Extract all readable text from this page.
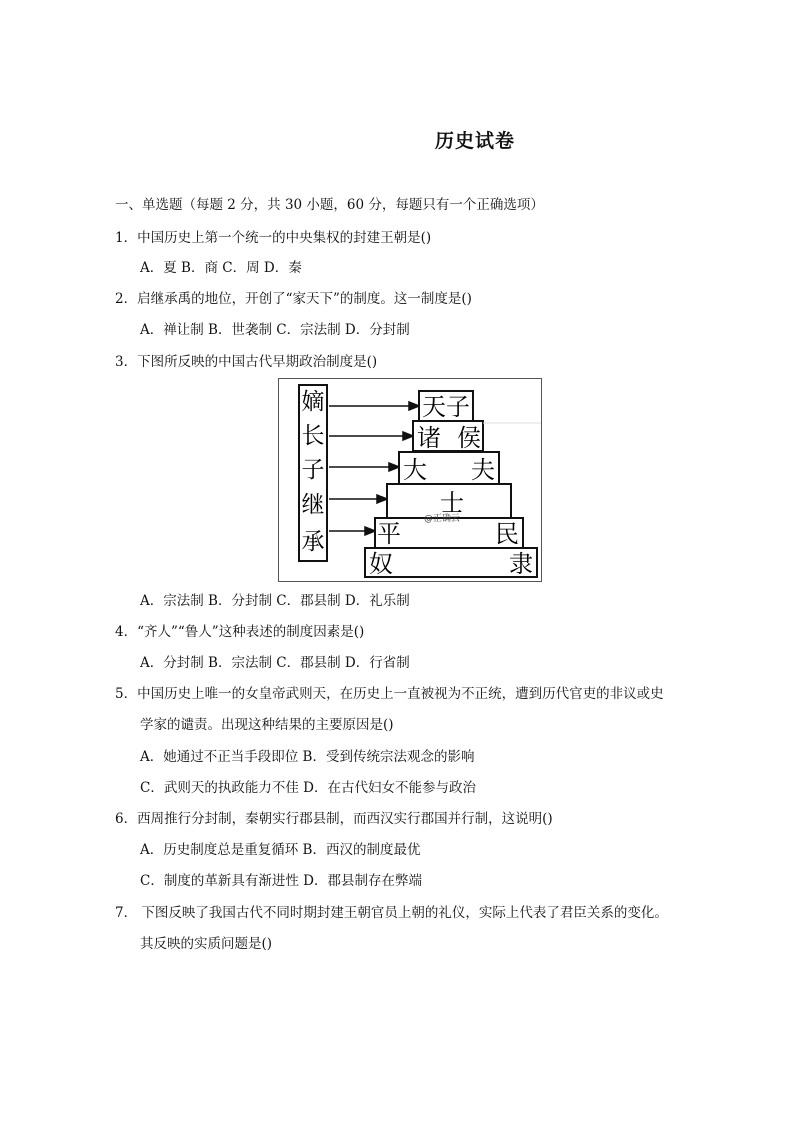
历史试卷
一、单选题（每题 2 分，共 30 小题，60 分，每题只有一个正确选项）
1．中国历史上第一个统一的中央集权的封建王朝是()
A．夏 B．商 C．周 D．秦
2．启继承禹的地位，开创了“家天下”的制度。这一制度是()
A．禅让制 B．世袭制 C．宗法制 D．分封制
3．下图所反映的中国古代早期政治制度是()
嫡
长
子
继
承
天子
诸 侯
大 夫
士
@正确云
平	民
奴	隶
A．宗法制 B．分封制 C．郡县制 D．礼乐制
4．“齐人”“鲁人”这种表述的制度因素是()
A．分封制 B．宗法制 C．郡县制 D．行省制
5．中国历史上唯一的女皇帝武则天，在历史上一直被视为不正统，遭到历代官吏的非议或史
学家的谴责。出现这种结果的主要原因是()
A．她通过不正当手段即位 B．受到传统宗法观念的影响
C．武则天的执政能力不佳 D．在古代妇女不能参与政治
6．西周推行分封制，秦朝实行郡县制，而西汉实行郡国并行制，这说明()
A．历史制度总是重复循环 B．西汉的制度最优
C．制度的革新具有渐进性 D．郡县制存在弊端
7． 下图反映了我国古代不同时期封建王朝官员上朝的礼仪，实际上代表了君臣关系的变化。
其反映的实质问题是()
